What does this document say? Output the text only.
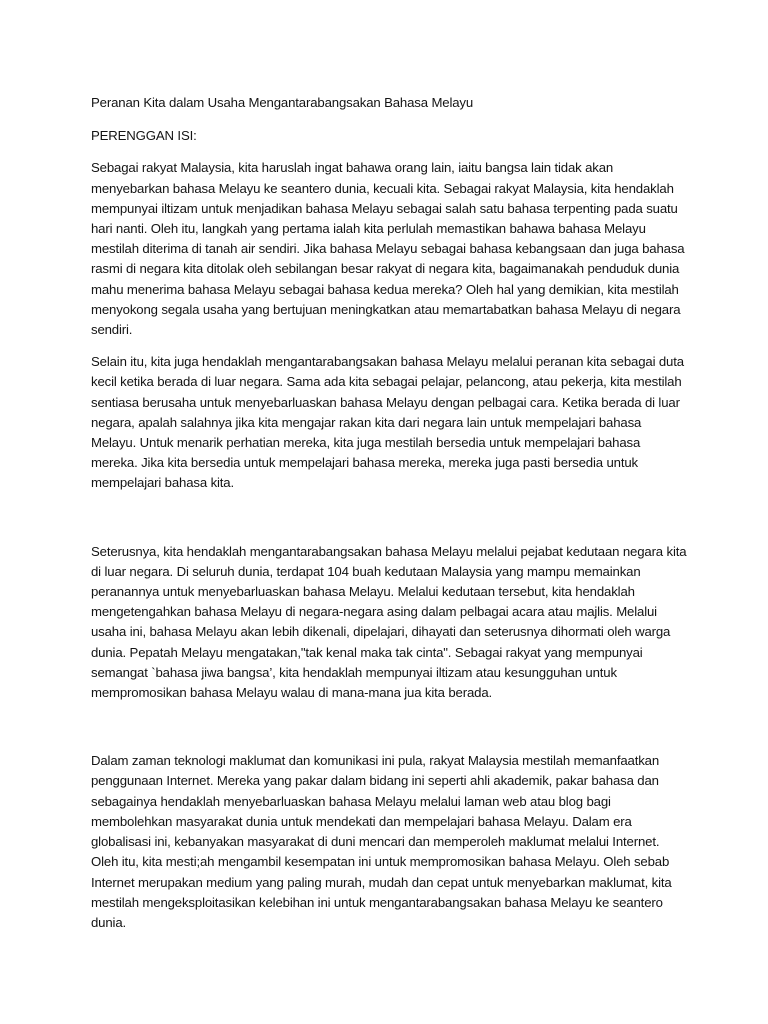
Peranan Kita dalam Usaha Mengantarabangsakan Bahasa Melayu

PERENGGAN ISI:

Sebagai rakyat Malaysia, kita haruslah ingat bahawa orang lain, iaitu bangsa lain tidak akan menyebarkan bahasa Melayu ke seantero dunia, kecuali kita. Sebagai rakyat Malaysia, kita hendaklah mempunyai iltizam untuk menjadikan bahasa Melayu sebagai salah satu bahasa terpenting pada suatu hari nanti. Oleh itu, langkah yang pertama ialah kita perlulah memastikan bahawa bahasa Melayu mestilah diterima di tanah air sendiri. Jika bahasa Melayu sebagai bahasa kebangsaan dan juga bahasa rasmi di negara kita ditolak oleh sebilangan besar rakyat di negara kita, bagaimanakah penduduk dunia mahu menerima bahasa Melayu sebagai bahasa kedua mereka? Oleh hal yang demikian, kita mestilah menyokong segala usaha yang bertujuan meningkatkan atau memartabatkan bahasa Melayu di negara sendiri.

Selain itu, kita juga hendaklah mengantarabangsakan bahasa Melayu melalui peranan kita sebagai duta kecil ketika berada di luar negara. Sama ada kita sebagai pelajar, pelancong, atau pekerja, kita mestilah sentiasa berusaha untuk menyebarluaskan bahasa Melayu dengan pelbagai cara. Ketika berada di luar negara, apalah salahnya jika kita mengajar rakan kita dari negara lain untuk mempelajari bahasa Melayu. Untuk menarik perhatian mereka, kita juga mestilah bersedia untuk mempelajari bahasa mereka. Jika kita bersedia untuk mempelajari bahasa mereka, mereka juga pasti bersedia untuk mempelajari bahasa kita.

Seterusnya, kita hendaklah mengantarabangsakan bahasa Melayu melalui pejabat kedutaan negara kita di luar negara. Di seluruh dunia, terdapat 104 buah kedutaan Malaysia yang mampu memainkan peranannya untuk menyebarluaskan bahasa Melayu. Melalui kedutaan tersebut, kita hendaklah mengetengahkan bahasa Melayu di negara-negara asing dalam pelbagai acara atau majlis. Melalui usaha ini, bahasa Melayu akan lebih dikenali, dipelajari, dihayati dan seterusnya dihormati oleh warga dunia. Pepatah Melayu mengatakan,"tak kenal maka tak cinta". Sebagai rakyat yang mempunyai semangat `bahasa jiwa bangsa’, kita hendaklah mempunyai iltizam atau kesungguhan untuk mempromosikan bahasa Melayu walau di mana-mana jua kita berada.

Dalam zaman teknologi maklumat dan komunikasi ini pula, rakyat Malaysia mestilah memanfaatkan penggunaan Internet. Mereka yang pakar dalam bidang ini seperti ahli akademik, pakar bahasa dan sebagainya hendaklah menyebarluaskan bahasa Melayu melalui laman web atau blog bagi membolehkan masyarakat dunia untuk mendekati dan mempelajari bahasa Melayu. Dalam era globalisasi ini, kebanyakan masyarakat di duni mencari dan memperoleh maklumat melalui Internet. Oleh itu, kita mesti;ah mengambil kesempatan ini untuk mempromosikan bahasa Melayu. Oleh sebab Internet merupakan medium yang paling murah, mudah dan cepat untuk menyebarkan maklumat, kita mestilah mengeksploitasikan kelebihan ini untuk mengantarabangsakan bahasa Melayu ke seantero dunia.
